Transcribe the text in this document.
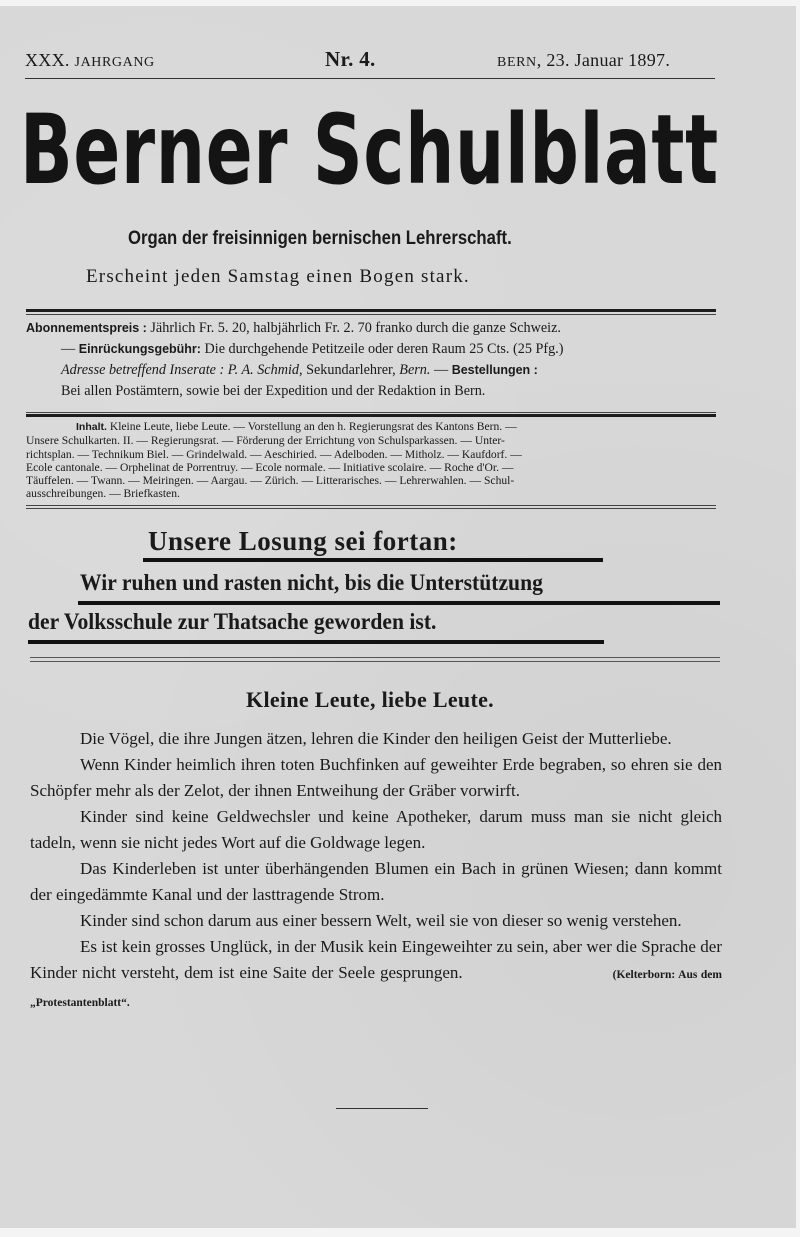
XXX. JAHRGANG	Nr. 4.	BERN, 23. Januar 1897.
Berner Schulblatt
Organ der freisinnigen bernischen Lehrerschaft.
Erscheint jeden Samstag einen Bogen stark.
Abonnementspreis : Jährlich Fr. 5. 20, halbjährlich Fr. 2. 70 franko durch die ganze Schweiz.
— Einrückungsgebühr: Die durchgehende Petitzeile oder deren Raum 25 Cts. (25 Pfg.)
Adresse betreffend Inserate : P. A. Schmid, Sekundarlehrer, Bern. — Bestellungen :
Bei allen Postämtern, sowie bei der Expedition und der Redaktion in Bern.
Inhalt. Kleine Leute, liebe Leute. — Vorstellung an den h. Regierungsrat des Kantons Bern. —
Unsere Schulkarten. II. — Regierungsrat. — Förderung der Errichtung von Schulsparkassen. — Unter-
richtsplan. — Technikum Biel. — Grindelwald. — Aeschiried. — Adelboden. — Mitholz. — Kaufdorf. —
Ecole cantonale. — Orphelinat de Porrentruy. — Ecole normale. — Initiative scolaire. — Roche d'Or. —
Täuffelen. — Twann. — Meiringen. — Aargau. — Zürich. — Litterarisches. — Lehrerwahlen. — Schul-
ausschreibungen. — Briefkasten.
Unsere Losung sei fortan:
Wir ruhen und rasten nicht, bis die Unterstützung
der Volksschule zur Thatsache geworden ist.
Kleine Leute, liebe Leute.

Die Vögel, die ihre Jungen ätzen, lehren die Kinder den heiligen Geist der Mutterliebe.

Wenn Kinder heimlich ihren toten Buchfinken auf geweihter Erde begraben, so ehren sie den Schöpfer mehr als der Zelot, der ihnen Entweihung der Gräber vorwirft.

Kinder sind keine Geldwechsler und keine Apotheker, darum muss man sie nicht gleich tadeln, wenn sie nicht jedes Wort auf die Goldwage legen.

Das Kinderleben ist unter überhängenden Blumen ein Bach in grünen Wiesen; dann kommt der eingedämmte Kanal und der lasttragende Strom.

Kinder sind schon darum aus einer bessern Welt, weil sie von dieser so wenig verstehen.

Es ist kein grosses Unglück, in der Musik kein Eingeweihter zu sein, aber wer die Sprache der Kinder nicht versteht, dem ist eine Saite der Seele gesprungen.	(Kelterborn: Aus dem „Protestantenblatt“.
